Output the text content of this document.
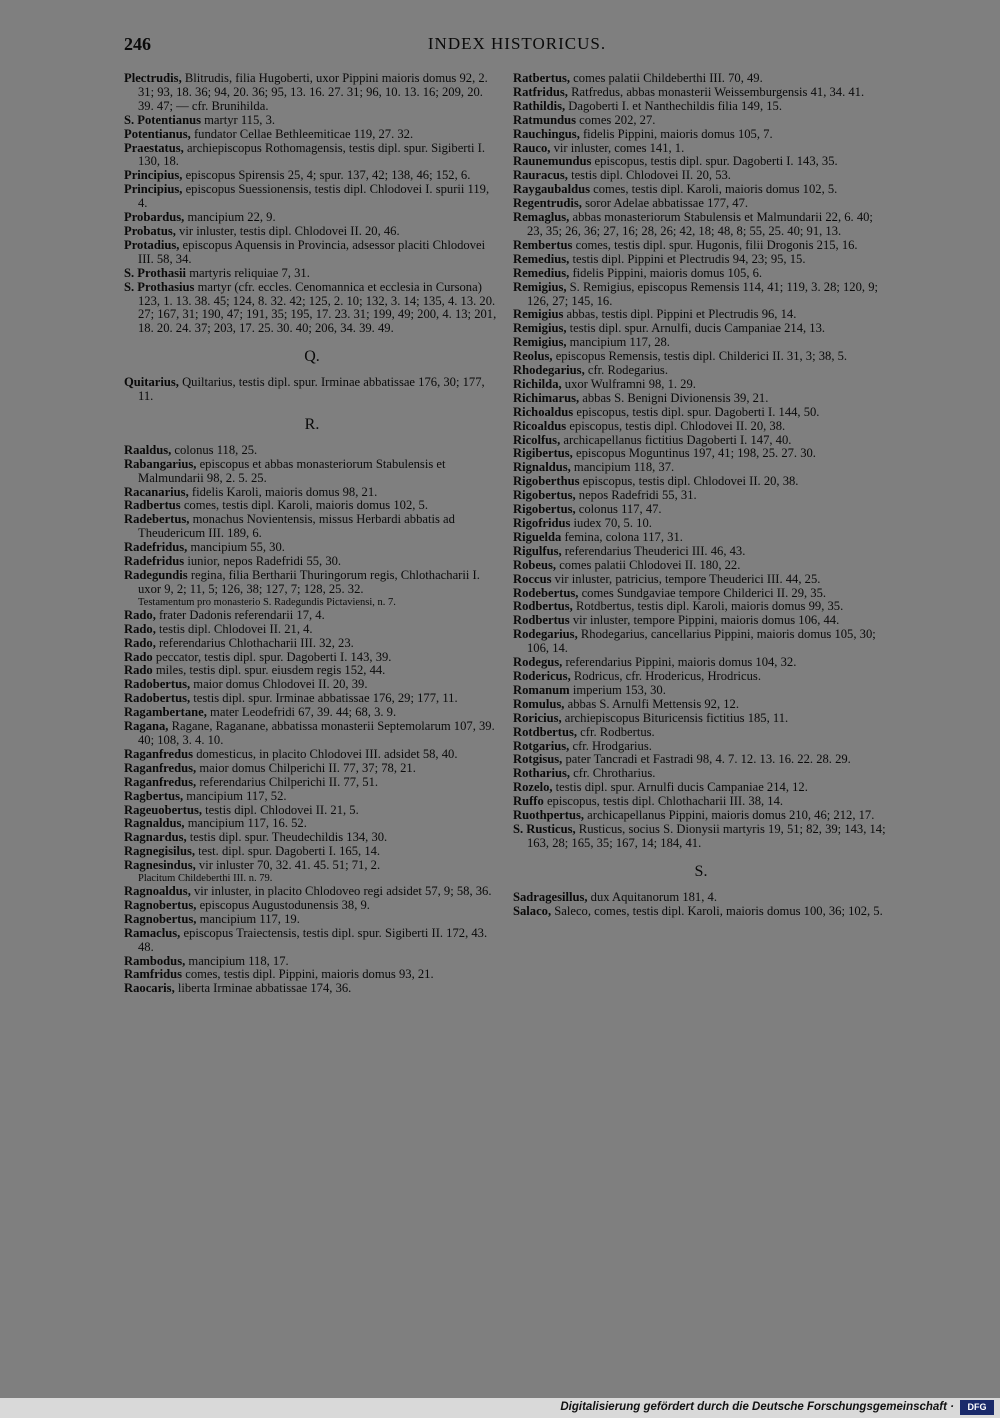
246	INDEX HISTORICUS.

Plectrudis, Blitrudis, filia Hugoberti, uxor Pippini maioris domus 92, 2. 31; 93, 18. 36; 94, 20. 36; 95, 13. 16. 27. 31; 96, 10. 13. 16; 209, 20. 39. 47; — cfr. Brunihilda.

S. Potentianus martyr 115, 3.

Potentianus, fundator Cellae Bethleemiticae 119, 27. 32.

Praestatus, archiepiscopus Rothomagensis, testis dipl. spur. Sigiberti I. 130, 18.

Principius, episcopus Spirensis 25, 4; spur. 137, 42; 138, 46; 152, 6.

Principius, episcopus Suessionensis, testis dipl. Chlodovei I. spurii 119, 4.

Probardus, mancipium 22, 9.

Probatus, vir inluster, testis dipl. Chlodovei II. 20, 46.

Protadius, episcopus Aquensis in Provincia, adsessor placiti Chlodovei III. 58, 34.

S. Prothasii martyris reliquiae 7, 31.

S. Prothasius martyr (cfr. eccles. Cenomannica et ecclesia in Cursona) 123, 1. 13. 38. 45; 124, 8. 32. 42; 125, 2. 10; 132, 3. 14; 135, 4. 13. 20. 27; 167, 31; 190, 47; 191, 35; 195, 17. 23. 31; 199, 49; 200, 4. 13; 201, 18. 20. 24. 37; 203, 17. 25. 30. 40; 206, 34. 39. 49.

Q.

Quitarius, Quiltarius, testis dipl. spur. Irminae abbatissae 176, 30; 177, 11.

R.

Raaldus, colonus 118, 25.

Rabangarius, episcopus et abbas monasteriorum Stabulensis et Malmundarii 98, 2. 5. 25.

Racanarius, fidelis Karoli, maioris domus 98, 21.

Radbertus comes, testis dipl. Karoli, maioris domus 102, 5.

Radebertus, monachus Novientensis, missus Herbardi abbatis ad Theudericum III. 189, 6.

Radefridus, mancipium 55, 30.

Radefridus iunior, nepos Radefridi 55, 30.

Radegundis regina, filia Bertharii Thuringorum regis, Chlothacharii I. uxor 9, 2; 11, 5; 126, 38; 127, 7; 128, 25. 32.

Testamentum pro monasterio S. Radegundis Pictaviensi, n. 7.

Rado, frater Dadonis referendarii 17, 4.

Rado, testis dipl. Chlodovei II. 21, 4.

Rado, referendarius Chlothacharii III. 32, 23.

Rado peccator, testis dipl. spur. Dagoberti I. 143, 39.

Rado miles, testis dipl. spur. eiusdem regis 152, 44.

Radobertus, maior domus Chlodovei II. 20, 39.

Radobertus, testis dipl. spur. Irminae abbatissae 176, 29; 177, 11.

Ragambertane, mater Leodefridi 67, 39. 44; 68, 3. 9.

Ragana, Ragane, Raganane, abbatissa monasterii Septemolarum 107, 39. 40; 108, 3. 4. 10.

Raganfredus domesticus, in placito Chlodovei III. adsidet 58, 40.

Raganfredus, maior domus Chilperichi II. 77, 37; 78, 21.

Raganfredus, referendarius Chilperichi II. 77, 51.

Ragbertus, mancipium 117, 52.

Rageuobertus, testis dipl. Chlodovei II. 21, 5.

Ragnaldus, mancipium 117, 16. 52.

Ragnardus, testis dipl. spur. Theudechildis 134, 30.

Ragnegisilus, test. dipl. spur. Dagoberti I. 165, 14.

Ragnesindus, vir inluster 70, 32. 41. 45. 51; 71, 2.

Placitum Childeberthi III. n. 79.

Ragnoaldus, vir inluster, in placito Chlodoveo regi adsidet 57, 9; 58, 36.

Ragnobertus, episcopus Augustodunensis 38, 9.

Ragnobertus, mancipium 117, 19.

Ramaclus, episcopus Traiectensis, testis dipl. spur. Sigiberti II. 172, 43. 48.

Rambodus, mancipium 118, 17.

Ramfridus comes, testis dipl. Pippini, maioris domus 93, 21.

Raocaris, liberta Irminae abbatissae 174, 36.

Ratbertus, comes palatii Childeberthi III. 70, 49.

Ratfridus, Ratfredus, abbas monasterii Weissemburgensis 41, 34. 41.

Rathildis, Dagoberti I. et Nanthechildis filia 149, 15.

Ratmundus comes 202, 27.

Rauchingus, fidelis Pippini, maioris domus 105, 7.

Rauco, vir inluster, comes 141, 1.

Raunemundus episcopus, testis dipl. spur. Dagoberti I. 143, 35.

Rauracus, testis dipl. Chlodovei II. 20, 53.

Raygaubaldus comes, testis dipl. Karoli, maioris domus 102, 5.

Regentrudis, soror Adelae abbatissae 177, 47.

Remaglus, abbas monasteriorum Stabulensis et Malmundarii 22, 6. 40; 23, 35; 26, 36; 27, 16; 28, 26; 42, 18; 48, 8; 55, 25. 40; 91, 13.

Rembertus comes, testis dipl. spur. Hugonis, filii Drogonis 215, 16.

Remedius, testis dipl. Pippini et Plectrudis 94, 23; 95, 15.

Remedius, fidelis Pippini, maioris domus 105, 6.

Remigius, S. Remigius, episcopus Remensis 114, 41; 119, 3. 28; 120, 9; 126, 27; 145, 16.

Remigius abbas, testis dipl. Pippini et Plectrudis 96, 14.

Remigius, testis dipl. spur. Arnulfi, ducis Campaniae 214, 13.

Remigius, mancipium 117, 28.

Reolus, episcopus Remensis, testis dipl. Childerici II. 31, 3; 38, 5.

Rhodegarius, cfr. Rodegarius.

Richilda, uxor Wulframni 98, 1. 29.

Richimarus, abbas S. Benigni Divionensis 39, 21.

Richoaldus episcopus, testis dipl. spur. Dagoberti I. 144, 50.

Ricoaldus episcopus, testis dipl. Chlodovei II. 20, 38.

Ricolfus, archicapellanus fictitius Dagoberti I. 147, 40.

Rigibertus, episcopus Moguntinus 197, 41; 198, 25. 27. 30.

Rignaldus, mancipium 118, 37.

Rigoberthus episcopus, testis dipl. Chlodovei II. 20, 38.

Rigobertus, nepos Radefridi 55, 31.

Rigobertus, colonus 117, 47.

Rigofridus iudex 70, 5. 10.

Riguelda femina, colona 117, 31.

Rigulfus, referendarius Theuderici III. 46, 43.

Robeus, comes palatii Chlodovei II. 180, 22.

Roccus vir inluster, patricius, tempore Theuderici III. 44, 25.

Rodebertus, comes Sundgaviae tempore Childerici II. 29, 35.

Rodbertus, Rotdbertus, testis dipl. Karoli, maioris domus 99, 35.

Rodbertus vir inluster, tempore Pippini, maioris domus 106, 44.

Rodegarius, Rhodegarius, cancellarius Pippini, maioris domus 105, 30; 106, 14.

Rodegus, referendarius Pippini, maioris domus 104, 32.

Rodericus, Rodricus, cfr. Hrodericus, Hrodricus.

Romanum imperium 153, 30.

Romulus, abbas S. Arnulfi Mettensis 92, 12.

Roricius, archiepiscopus Bituricensis fictitius 185, 11.

Rotdbertus, cfr. Rodbertus.

Rotgarius, cfr. Hrodgarius.

Rotgisus, pater Tancradi et Fastradi 98, 4. 7. 12. 13. 16. 22. 28. 29.

Rotharius, cfr. Chrotharius.

Rozelo, testis dipl. spur. Arnulfi ducis Campaniae 214, 12.

Ruffo episcopus, testis dipl. Chlothacharii III. 38, 14.

Ruothpertus, archicapellanus Pippini, maioris domus 210, 46; 212, 17.

S. Rusticus, Rusticus, socius S. Dionysii martyris 19, 51; 82, 39; 143, 14; 163, 28; 165, 35; 167, 14; 184, 41.

S.

Sadragesillus, dux Aquitanorum 181, 4.

Salaco, Saleco, comes, testis dipl. Karoli, maioris domus 100, 36; 102, 5.

Digitalisierung gefördert durch die Deutsche Forschungsgemeinschaft ·	DFG
